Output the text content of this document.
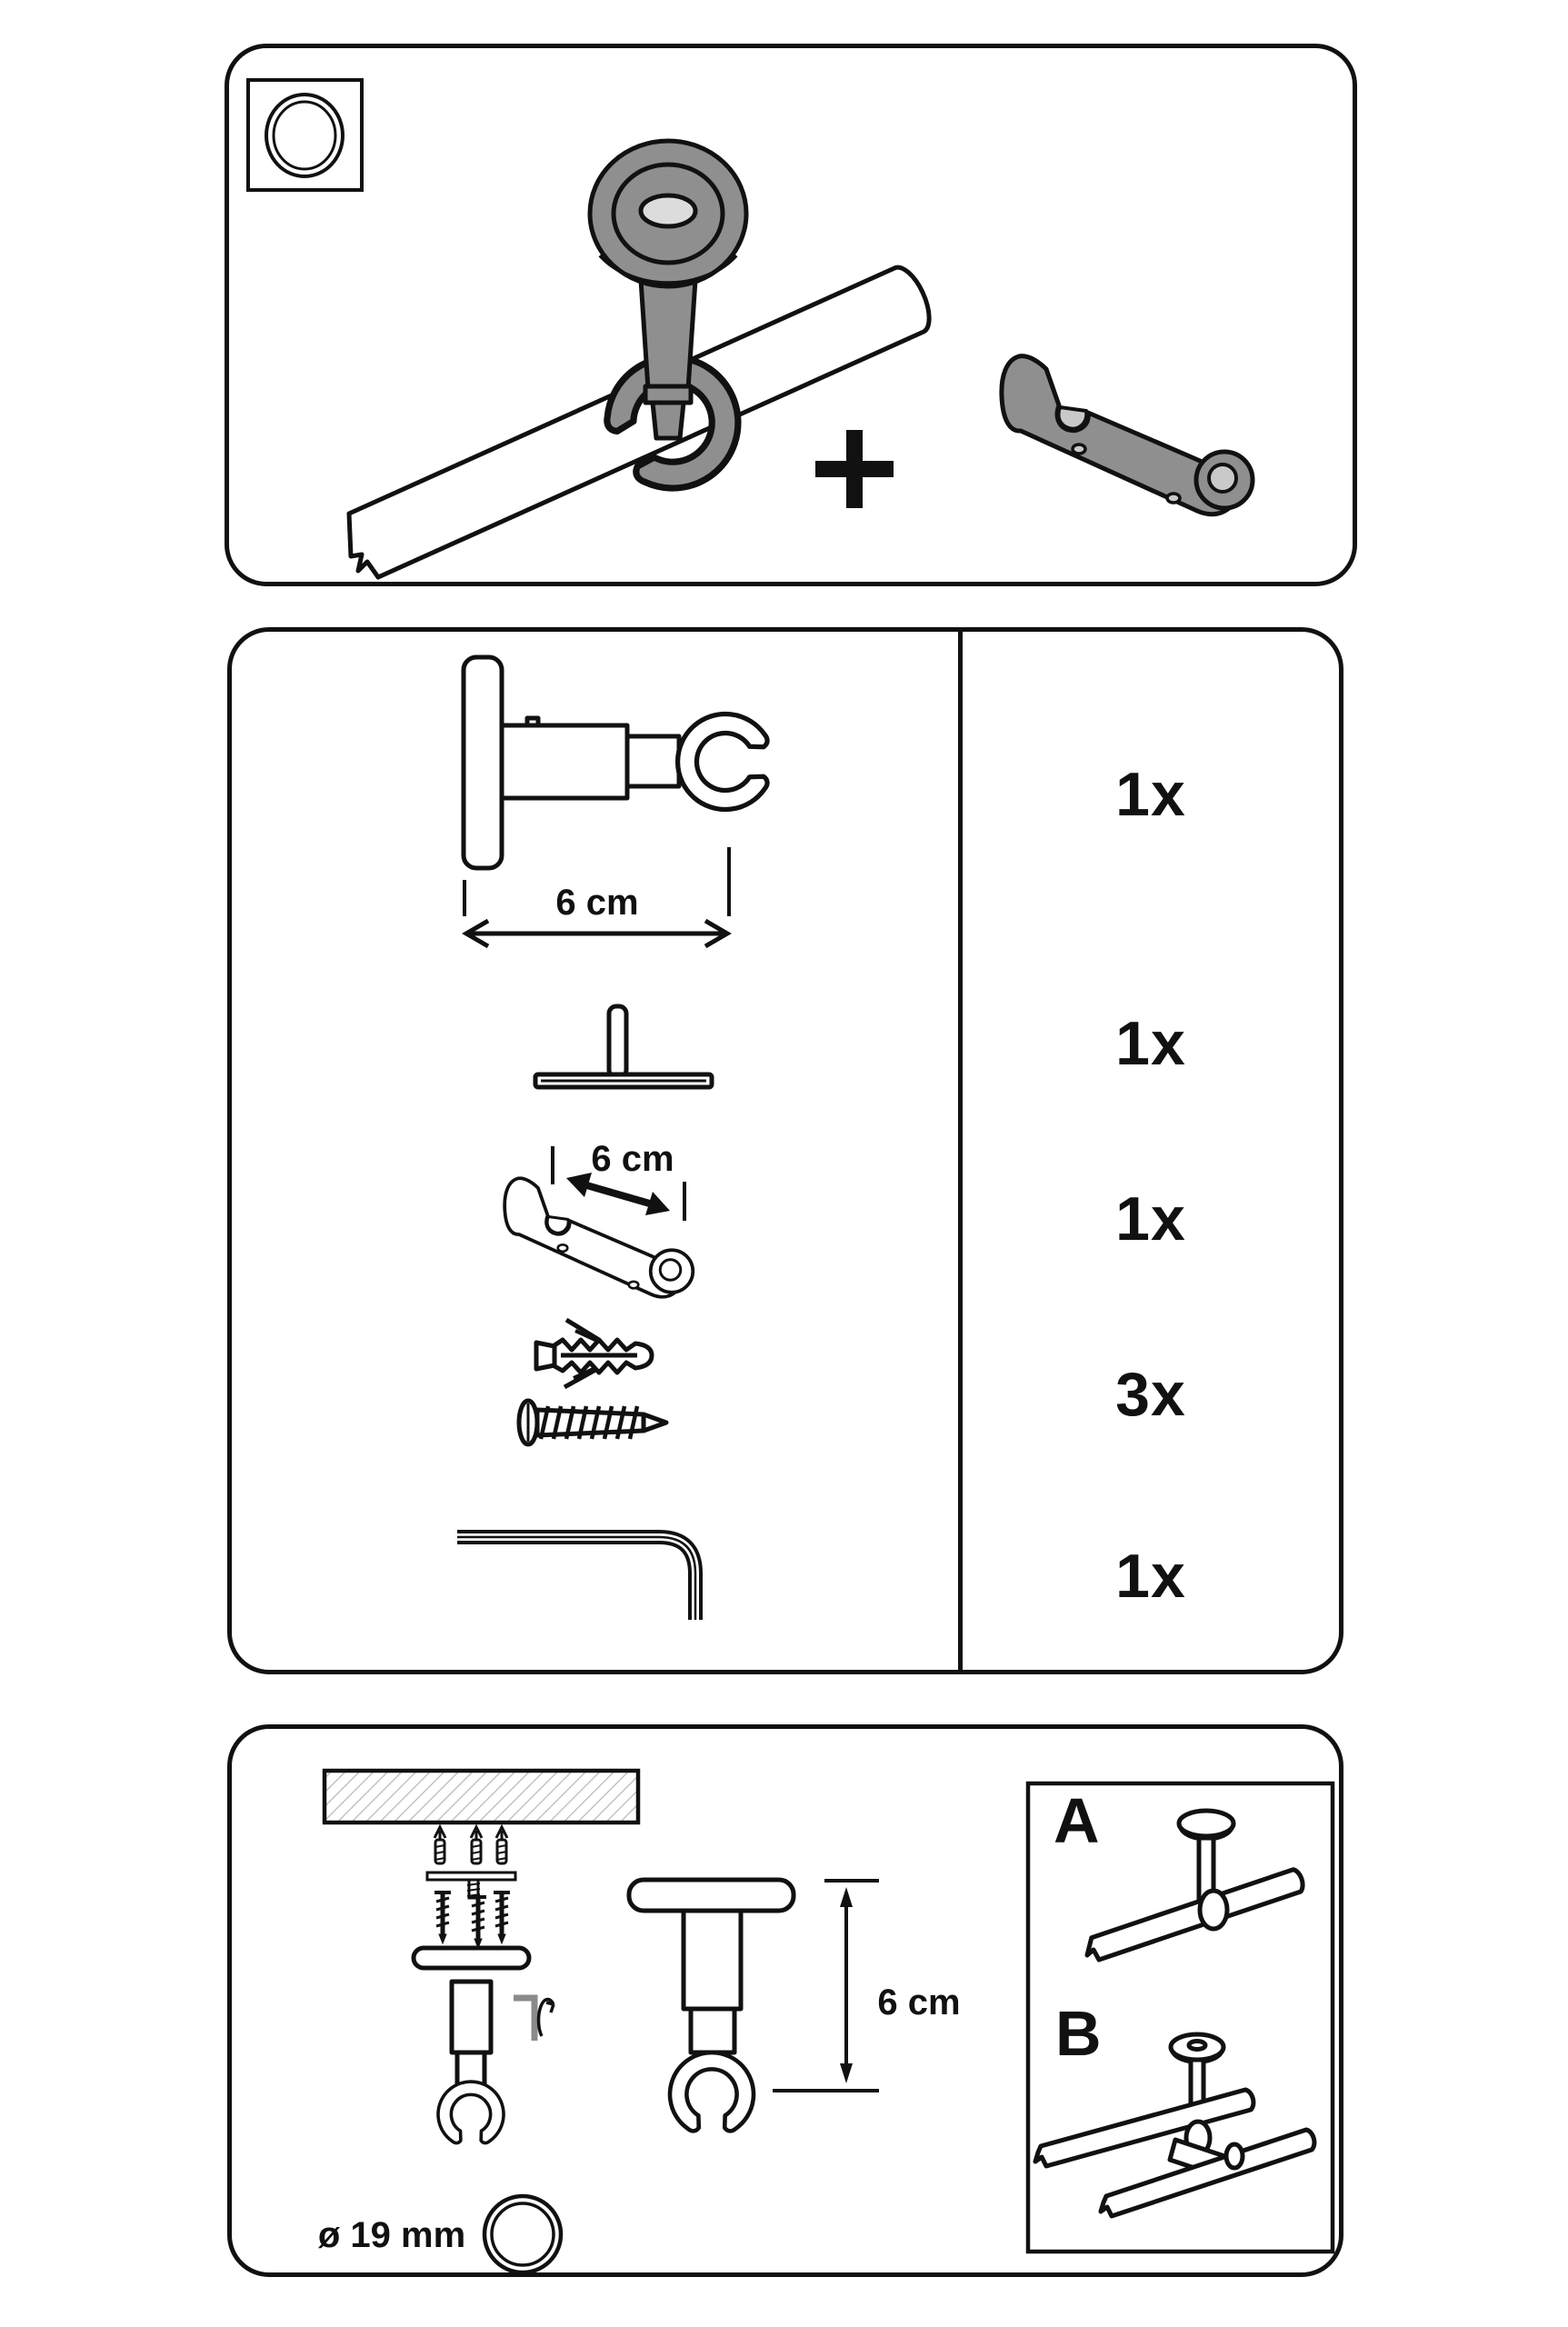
6 cm
1x
1x
6 cm
1x
3x
1x
6 cm
ø 19 mm
A
B
